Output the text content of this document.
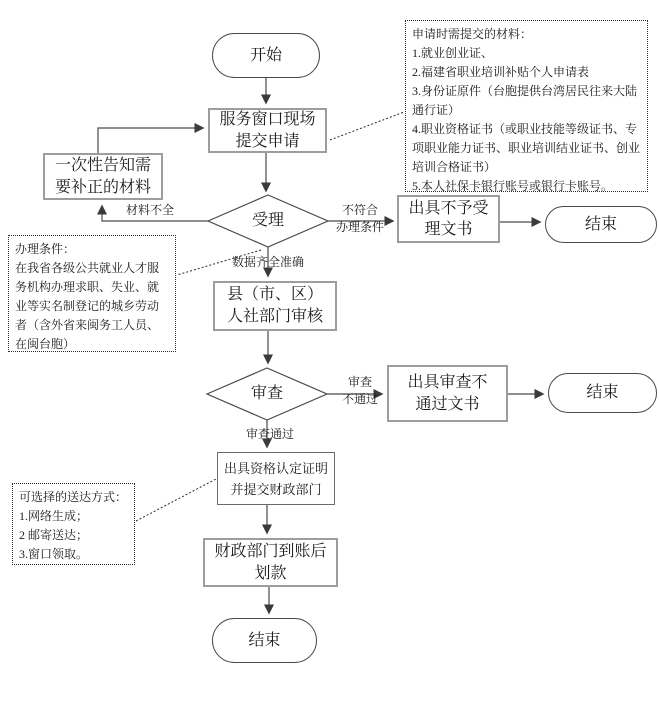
开始
服务窗口现场
提交申请
一次性告知需
要补正的材料
受理
出具不予受
理文书	结束
县（市、区）
人社部门审核
审查
出具审查不
通过文书
结束
出具资格认定证明
并提交财政部门
财政部门到账后
划款
结束
材料不全	不符合
办理条件
数据齐全准确
审查
不通过
审查通过
申请时需提交的材料：
1.就业创业证、
2.福建省职业培训补贴个人申请表
3.身份证原件（台胞提供台湾居民往来大陆通行证）
4.职业资格证书（或职业技能等级证书、专项职业能力证书、职业培训结业证书、创业培训合格证书）
5.本人社保卡银行账号或银行卡账号。
办理条件：
在我省各级公共就业人才服务机构办理求职、失业、就业等实名制登记的城乡劳动者（含外省来闽务工人员、在闽台胞）
可选择的送达方式：
1.网络生成；
2 邮寄送达；
3.窗口领取。
